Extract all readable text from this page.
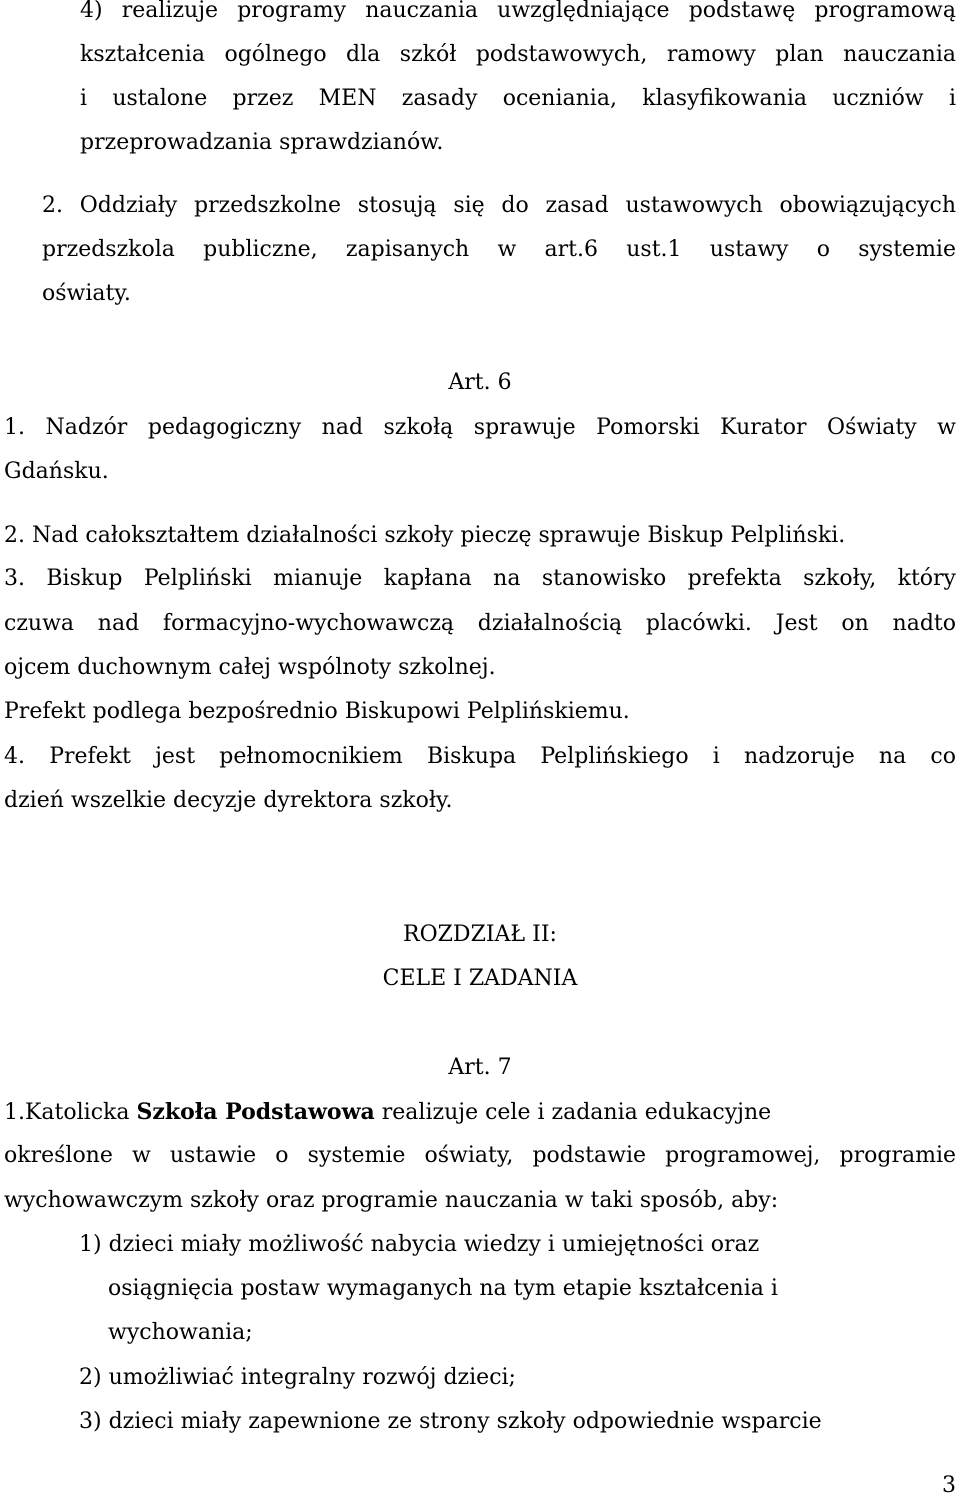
4) realizuje programy nauczania uwzględniające podstawę programową

kształcenia ogólnego dla szkół podstawowych, ramowy plan nauczania

i ustalone przez MEN zasady oceniania, klasyfikowania uczniów i

przeprowadzania sprawdzianów.

2. Oddziały przedszkolne stosują się do zasad ustawowych obowiązujących

przedszkola publiczne, zapisanych w art.6 ust.1 ustawy o systemie

oświaty.

Art. 6

1. Nadzór pedagogiczny nad szkołą sprawuje Pomorski Kurator Oświaty w

Gdańsku.

2. Nad całokształtem działalności szkoły pieczę sprawuje Biskup Pelpliński.

3. Biskup Pelpliński mianuje kapłana na stanowisko prefekta szkoły, który

czuwa nad formacyjno-wychowawczą działalnością placówki. Jest on nadto

ojcem duchownym całej wspólnoty szkolnej.

Prefekt podlega bezpośrednio Biskupowi Pelplińskiemu.

4. Prefekt jest pełnomocnikiem Biskupa Pelplińskiego i nadzoruje na co

dzień wszelkie decyzje dyrektora szkoły.

ROZDZIAŁ II:

CELE I ZADANIA

Art. 7

1.Katolicka Szkoła Podstawowa realizuje cele i zadania edukacyjne

określone w ustawie o systemie oświaty, podstawie programowej, programie

wychowawczym szkoły oraz programie nauczania w taki sposób, aby:

1) dzieci miały możliwość nabycia wiedzy i umiejętności oraz

osiągnięcia postaw wymaganych na tym etapie kształcenia i

wychowania;

2) umożliwiać integralny rozwój dzieci;

3) dzieci miały zapewnione ze strony szkoły odpowiednie wsparcie

3
